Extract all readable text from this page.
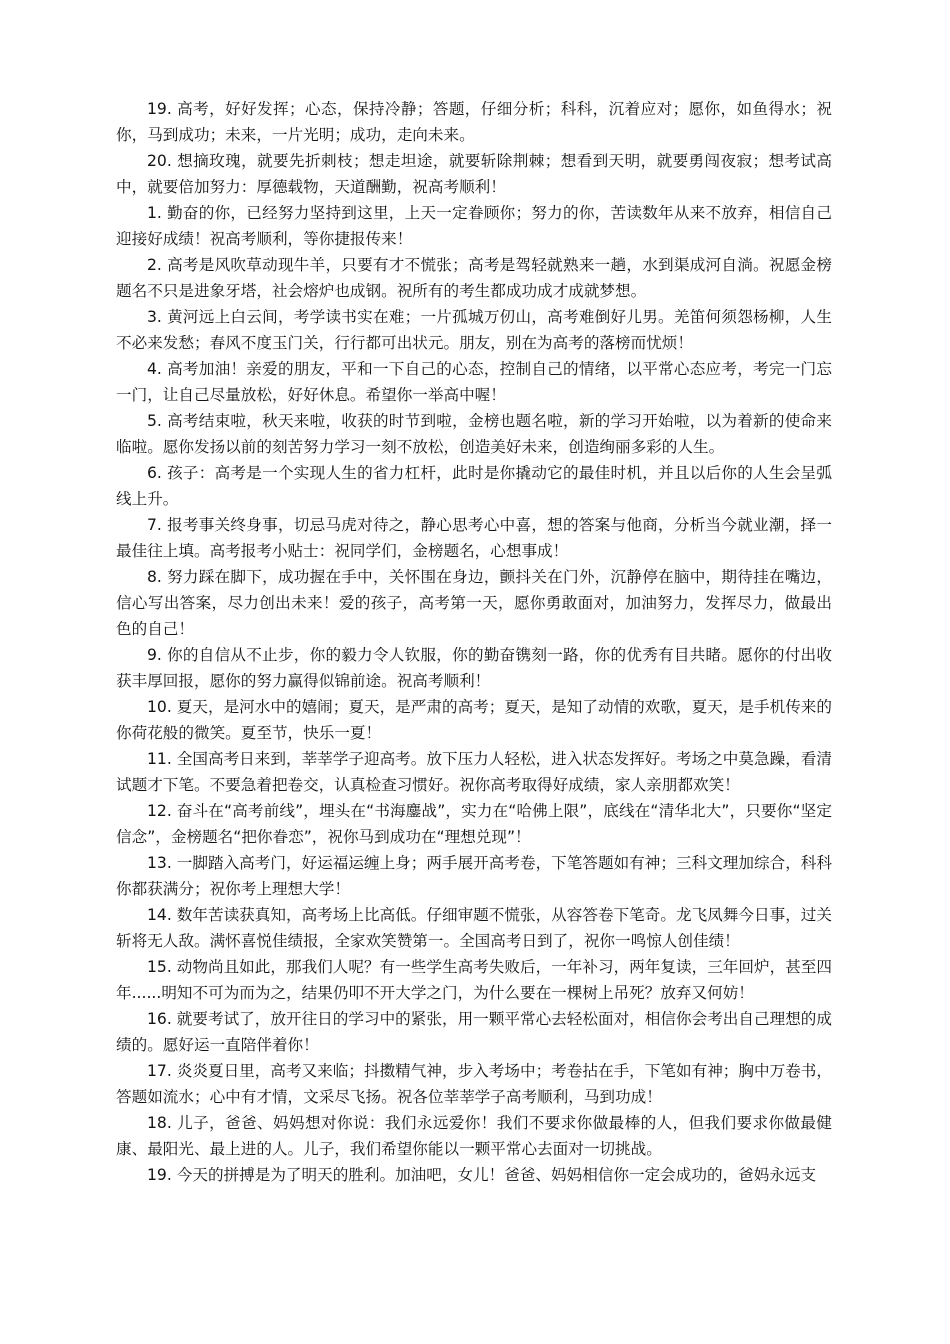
19. 高考，好好发挥；心态，保持冷静；答题，仔细分析；科科，沉着应对；愿你，如鱼得水；祝你，马到成功；未来，一片光明；成功，走向未来。

20. 想摘玫瑰，就要先折刺枝；想走坦途，就要斩除荆棘；想看到天明，就要勇闯夜寂；想考试高中，就要倍加努力：厚德载物，天道酬勤，祝高考顺利！

1. 勤奋的你，已经努力坚持到这里，上天一定眷顾你；努力的你，苦读数年从来不放弃，相信自己迎接好成绩！祝高考顺利，等你捷报传来！

2. 高考是风吹草动现牛羊，只要有才不慌张；高考是驾轻就熟来一趟，水到渠成河自淌。祝愿金榜题名不只是进象牙塔，社会熔炉也成钢。祝所有的考生都成功成才成就梦想。

3. 黄河远上白云间，考学读书实在难；一片孤城万仞山，高考难倒好儿男。羌笛何须怨杨柳，人生不必来发愁；春风不度玉门关，行行都可出状元。朋友，别在为高考的落榜而忧烦！

4. 高考加油！亲爱的朋友，平和一下自己的心态，控制自己的情绪，以平常心态应考，考完一门忘一门，让自己尽量放松，好好休息。希望你一举高中喔！

5. 高考结束啦，秋天来啦，收获的时节到啦，金榜也题名啦，新的学习开始啦，以为着新的使命来临啦。愿你发扬以前的刻苦努力学习一刻不放松，创造美好未来，创造绚丽多彩的人生。

6. 孩子：高考是一个实现人生的省力杠杆，此时是你撬动它的最佳时机，并且以后你的人生会呈弧线上升。

7. 报考事关终身事，切忌马虎对待之，静心思考心中喜，想的答案与他商，分析当今就业潮，择一最佳往上填。高考报考小贴士：祝同学们，金榜题名，心想事成！

8. 努力踩在脚下，成功握在手中，关怀围在身边，颤抖关在门外，沉静停在脑中，期待挂在嘴边，信心写出答案，尽力创出未来！爱的孩子，高考第一天，愿你勇敢面对，加油努力，发挥尽力，做最出色的自己！

9. 你的自信从不止步，你的毅力令人钦服，你的勤奋镌刻一路，你的优秀有目共睹。愿你的付出收获丰厚回报，愿你的努力赢得似锦前途。祝高考顺利！

10. 夏天，是河水中的嬉闹；夏天，是严肃的高考；夏天，是知了动情的欢歌，夏天，是手机传来的你荷花般的微笑。夏至节，快乐一夏！

11. 全国高考日来到，莘莘学子迎高考。放下压力人轻松，进入状态发挥好。考场之中莫急躁，看清试题才下笔。不要急着把卷交，认真检查习惯好。祝你高考取得好成绩，家人亲朋都欢笑！

12. 奋斗在“高考前线”，埋头在“书海鏖战”，实力在“哈佛上限”，底线在“清华北大”，只要你“坚定信念”，金榜题名“把你眷恋”，祝你马到成功在“理想兑现”！

13. 一脚踏入高考门，好运福运缠上身；两手展开高考卷，下笔答题如有神；三科文理加综合，科科你都获满分；祝你考上理想大学！

14. 数年苦读获真知，高考场上比高低。仔细审题不慌张，从容答卷下笔奇。龙飞凤舞今日事，过关斩将无人敌。满怀喜悦佳绩报，全家欢笑赞第一。全国高考日到了，祝你一鸣惊人创佳绩！

15. 动物尚且如此，那我们人呢？有一些学生高考失败后，一年补习，两年复读，三年回炉，甚至四年......明知不可为而为之，结果仍叩不开大学之门，为什么要在一棵树上吊死？放弃又何妨！

16. 就要考试了，放开往日的学习中的紧张，用一颗平常心去轻松面对，相信你会考出自己理想的成绩的。愿好运一直陪伴着你！

17. 炎炎夏日里，高考又来临；抖擞精气神，步入考场中；考卷拈在手，下笔如有神；胸中万卷书，答题如流水；心中有才情，文采尽飞扬。祝各位莘莘学子高考顺利，马到功成！

18. 儿子，爸爸、妈妈想对你说：我们永远爱你！我们不要求你做最棒的人，但我们要求你做最健康、最阳光、最上进的人。儿子，我们希望你能以一颗平常心去面对一切挑战。

19. 今天的拼搏是为了明天的胜利。加油吧，女儿！爸爸、妈妈相信你一定会成功的，爸妈永远支
